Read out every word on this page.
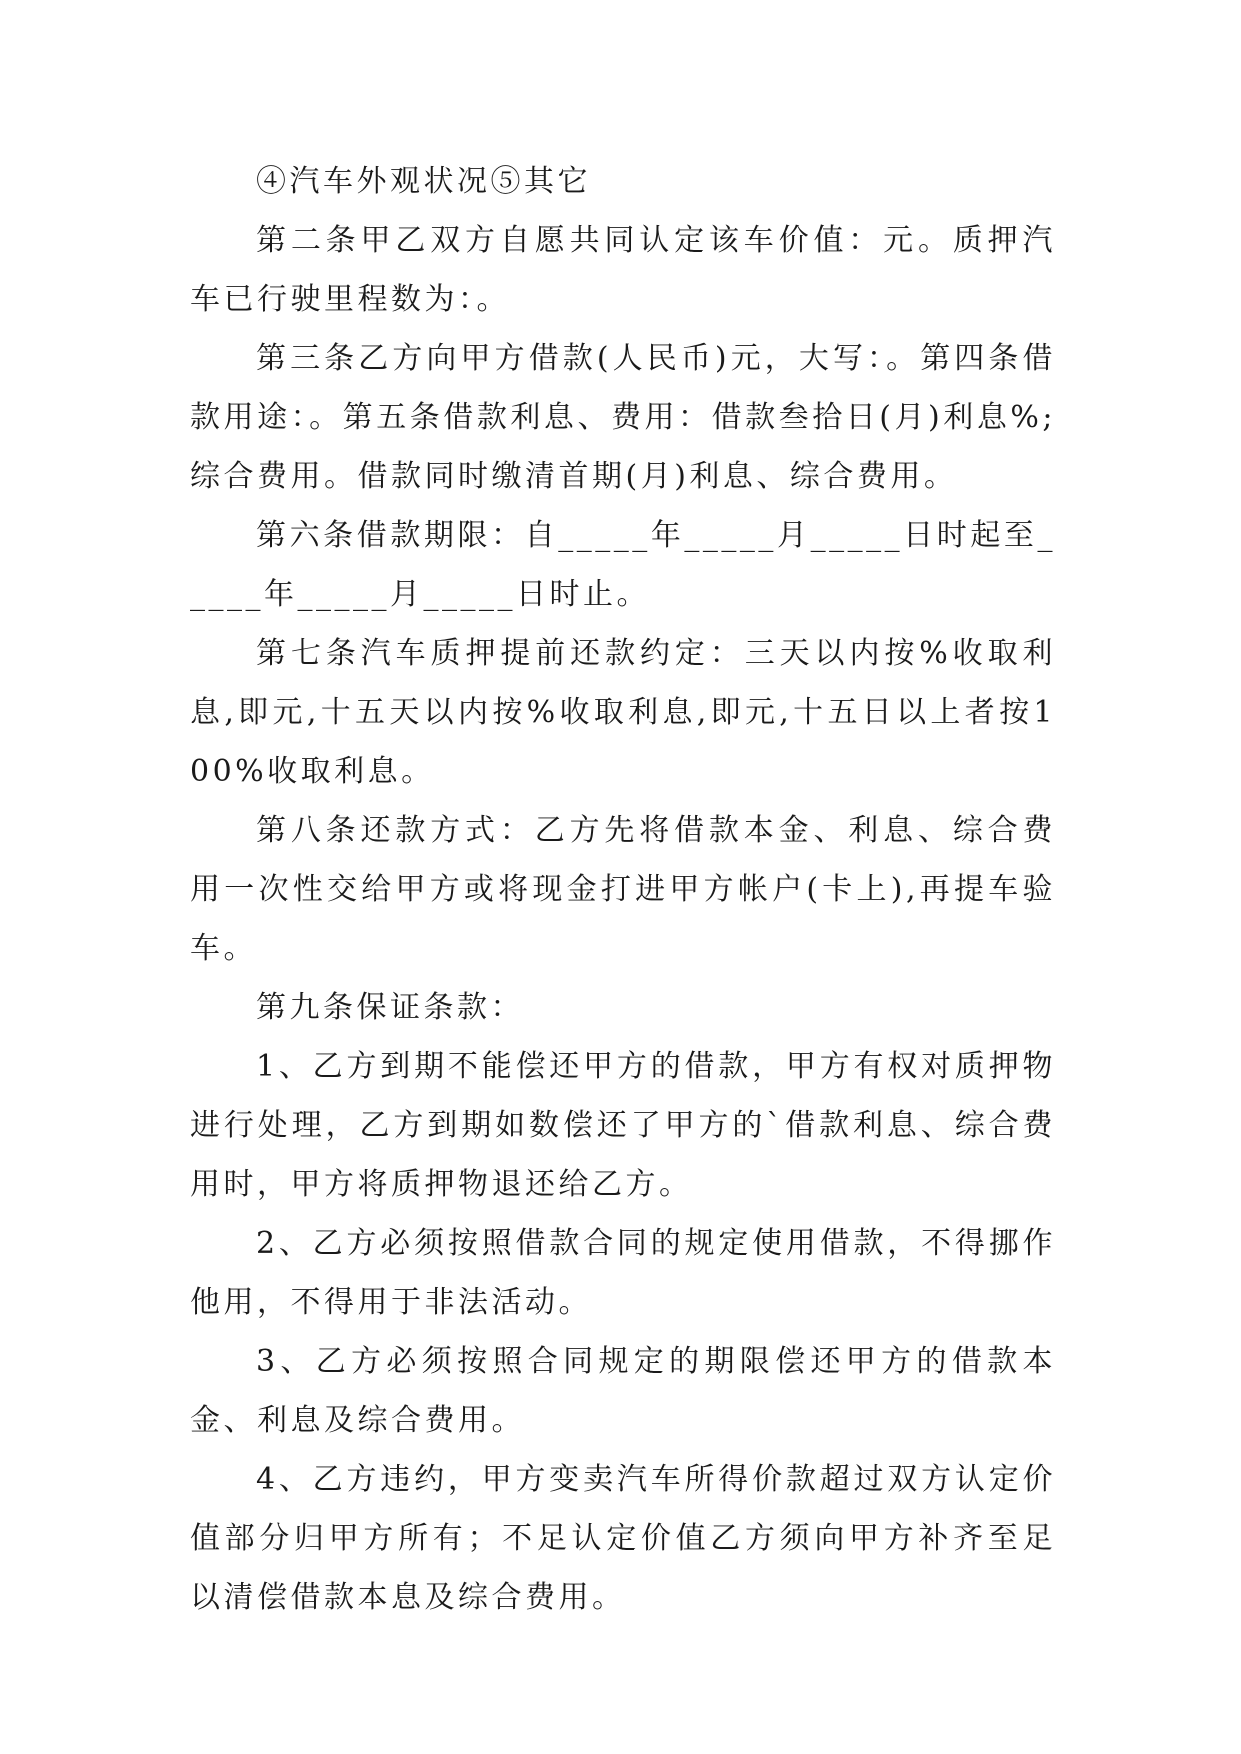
④汽车外观状况⑤其它

第二条甲乙双方自愿共同认定该车价值：元。质押汽车已行驶里程数为：。

第三条乙方向甲方借款(人民币)元，大写：。第四条借款用途：。第五条借款利息、费用：借款叁拾日(月)利息%;综合费用。借款同时缴清首期(月)利息、综合费用。

第六条借款期限：自_____年_____月_____日时起至_____年_____月_____日时止。

第七条汽车质押提前还款约定：三天以内按%收取利息,即元,十五天以内按%收取利息,即元,十五日以上者按100%收取利息。

第八条还款方式：乙方先将借款本金、利息、综合费用一次性交给甲方或将现金打进甲方帐户(卡上),再提车验车。

第九条保证条款：

1、乙方到期不能偿还甲方的借款，甲方有权对质押物进行处理，乙方到期如数偿还了甲方的`借款利息、综合费用时，甲方将质押物退还给乙方。

2、乙方必须按照借款合同的规定使用借款，不得挪作他用，不得用于非法活动。

3、乙方必须按照合同规定的期限偿还甲方的借款本金、利息及综合费用。

4、乙方违约，甲方变卖汽车所得价款超过双方认定价值部分归甲方所有；不足认定价值乙方须向甲方补齐至足以清偿借款本息及综合费用。
